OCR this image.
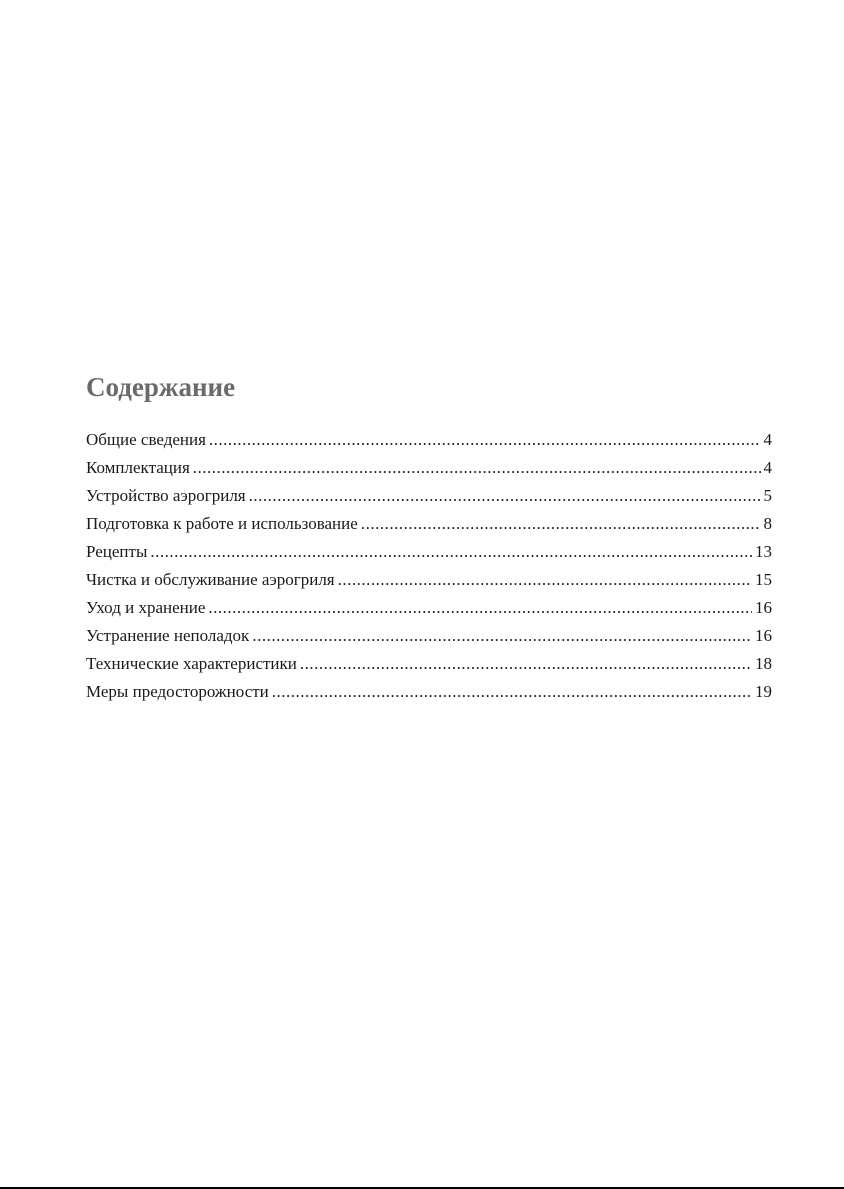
Содержание
Общие сведения .....	4
Комплектация .....	4
Устройство аэрогриля .....	5
Подготовка к работе и использование .....	8
Рецепты .....	13
Чистка и обслуживание аэрогриля .....	15
Уход и хранение .....	16
Устранение неполадок .....	16
Технические характеристики .....	18
Меры предосторожности .....	19
